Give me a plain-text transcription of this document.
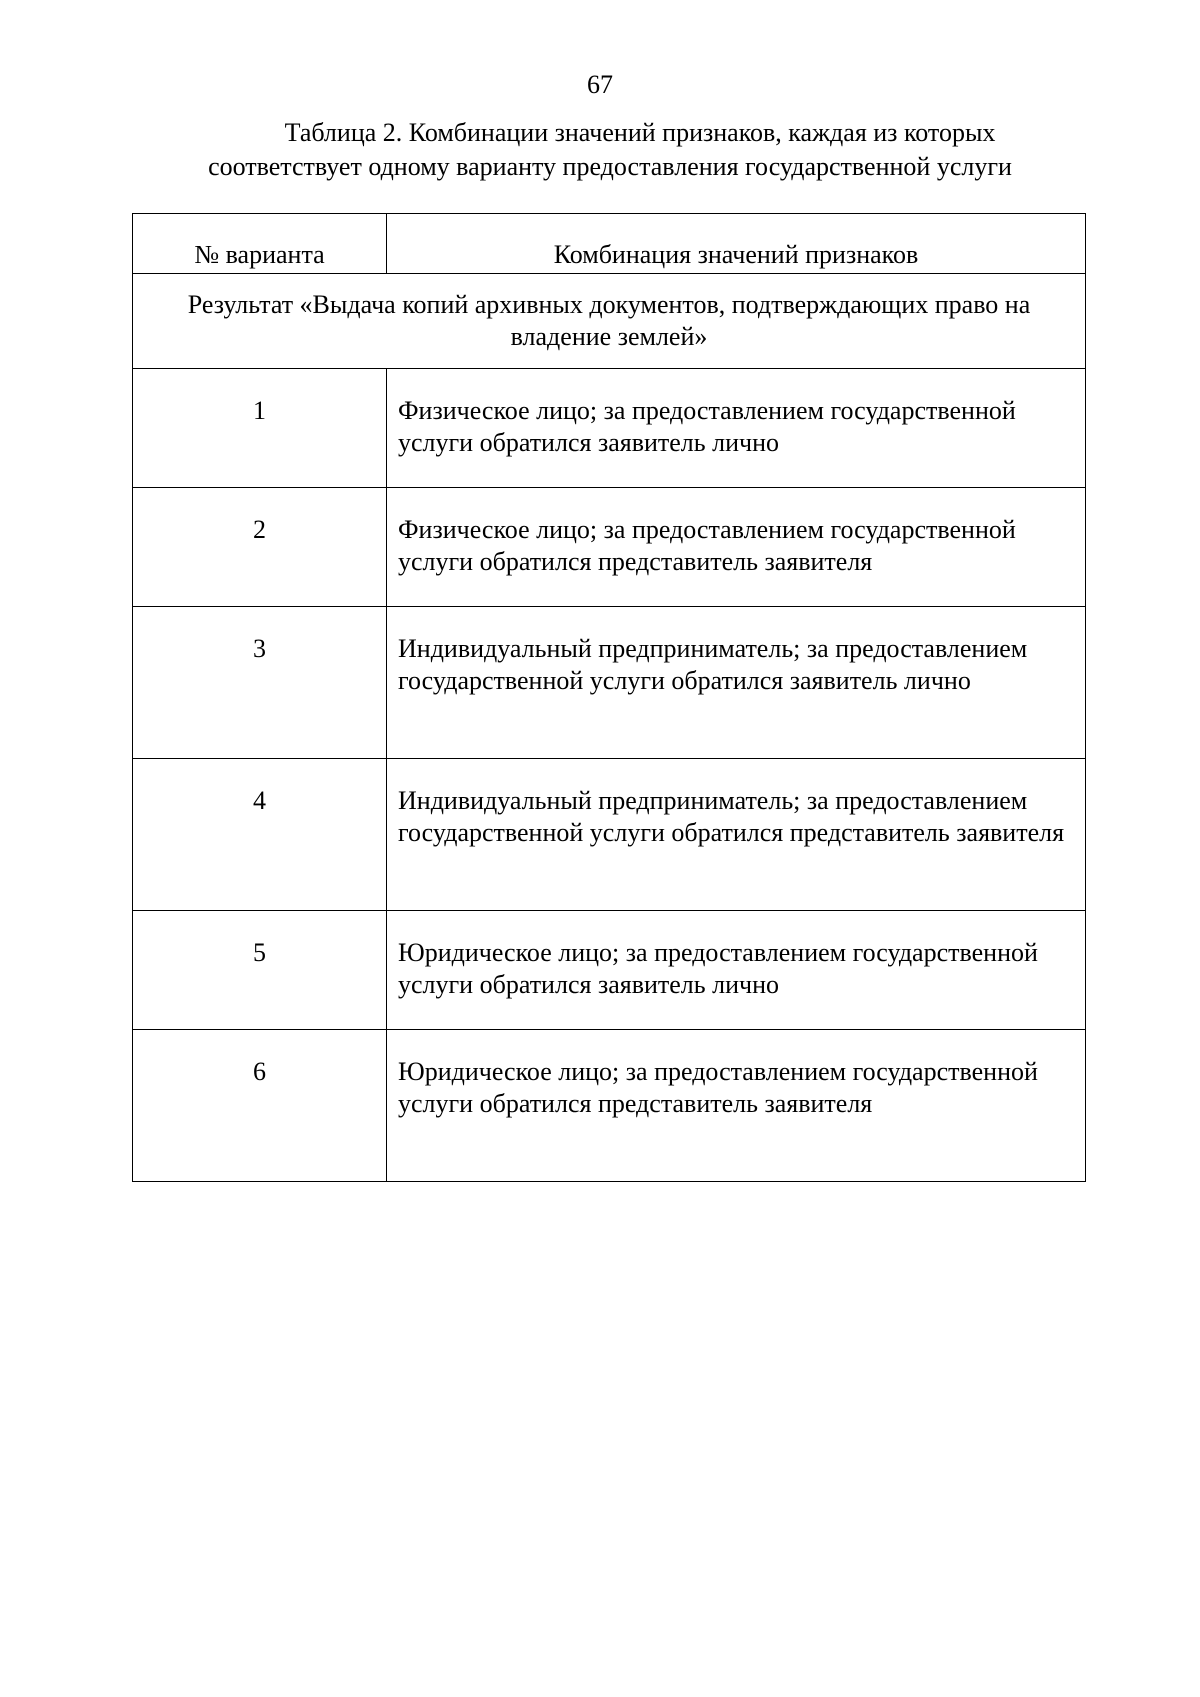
67
Таблица 2. Комбинации значений признаков, каждая из которых
соответствует одному варианту предоставления государственной услуги
№ варианта	Комбинация значений признаков

Результат «Выдача копий архивных документов, подтверждающих право на владение землей»	

1	Физическое лицо; за предоставлением государственной услуги обратился заявитель лично
2	Физическое лицо; за предоставлением государственной услуги обратился представитель заявителя
3	Индивидуальный предприниматель; за предоставлением государственной услуги обратился заявитель лично
4	Индивидуальный предприниматель; за предоставлением государственной услуги обратился представитель заявителя
5	Юридическое лицо; за предоставлением государственной услуги обратился заявитель лично
6	Юридическое лицо; за предоставлением государственной услуги обратился представитель заявителя
